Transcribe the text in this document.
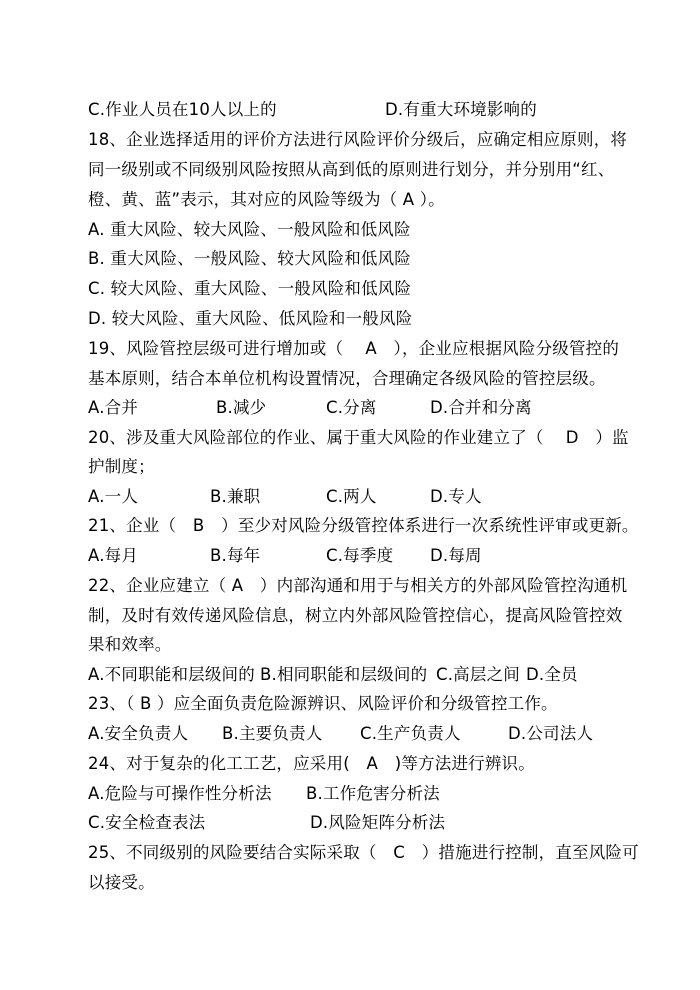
C.作业人员在10人以上的	D.有重大环境影响的
18、企业选择适用的评价方法进行风险评价分级后，应确定相应原则，将
同一级别或不同级别风险按照从高到低的原则进行划分，并分别用“红、
橙、黄、蓝”表示，其对应的风险等级为（ A ）。
A. 重大风险、较大风险、一般风险和低风险
B. 重大风险、一般风险、较大风险和低风险
C. 较大风险、重大风险、一般风险和低风险
D. 较大风险、重大风险、低风险和一般风险
19、风险管控层级可进行增加或（　 A　），企业应根据风险分级管控的
基本原则，结合本单位机构设置情况，合理确定各级风险的管控层级。
A.合并	B.减少	C.分离	D.合并和分离
20、涉及重大风险部位的作业、属于重大风险的作业建立了（　 D　）监
护制度；
A.一人	B.兼职	C.两人	D.专人
21、企业（　B　）至少对风险分级管控体系进行一次系统性评审或更新。
A.每月	B.每年	C.每季度 D.每周
22、企业应建立（ A　）内部沟通和用于与相关方的外部风险管控沟通机
制，及时有效传递风险信息，树立内外部风险管控信心，提高风险管控效
果和效率。
A.不同职能和层级间的 B.相同职能和层级间的 C.高层之间 D.全员
23、（ B ）应全面负责危险源辨识、风险评价和分级管控工作。
A.安全负责人 B.主要负责人 C.生产负责人	D.公司法人
24、对于复杂的化工工艺，应采用(　A　)等方法进行辨识。
A.危险与可操作性分析法 B.工作危害分析法
C.安全检查表法	D.风险矩阵分析法
25、不同级别的风险要结合实际采取（　C　）措施进行控制，直至风险可
以接受。
